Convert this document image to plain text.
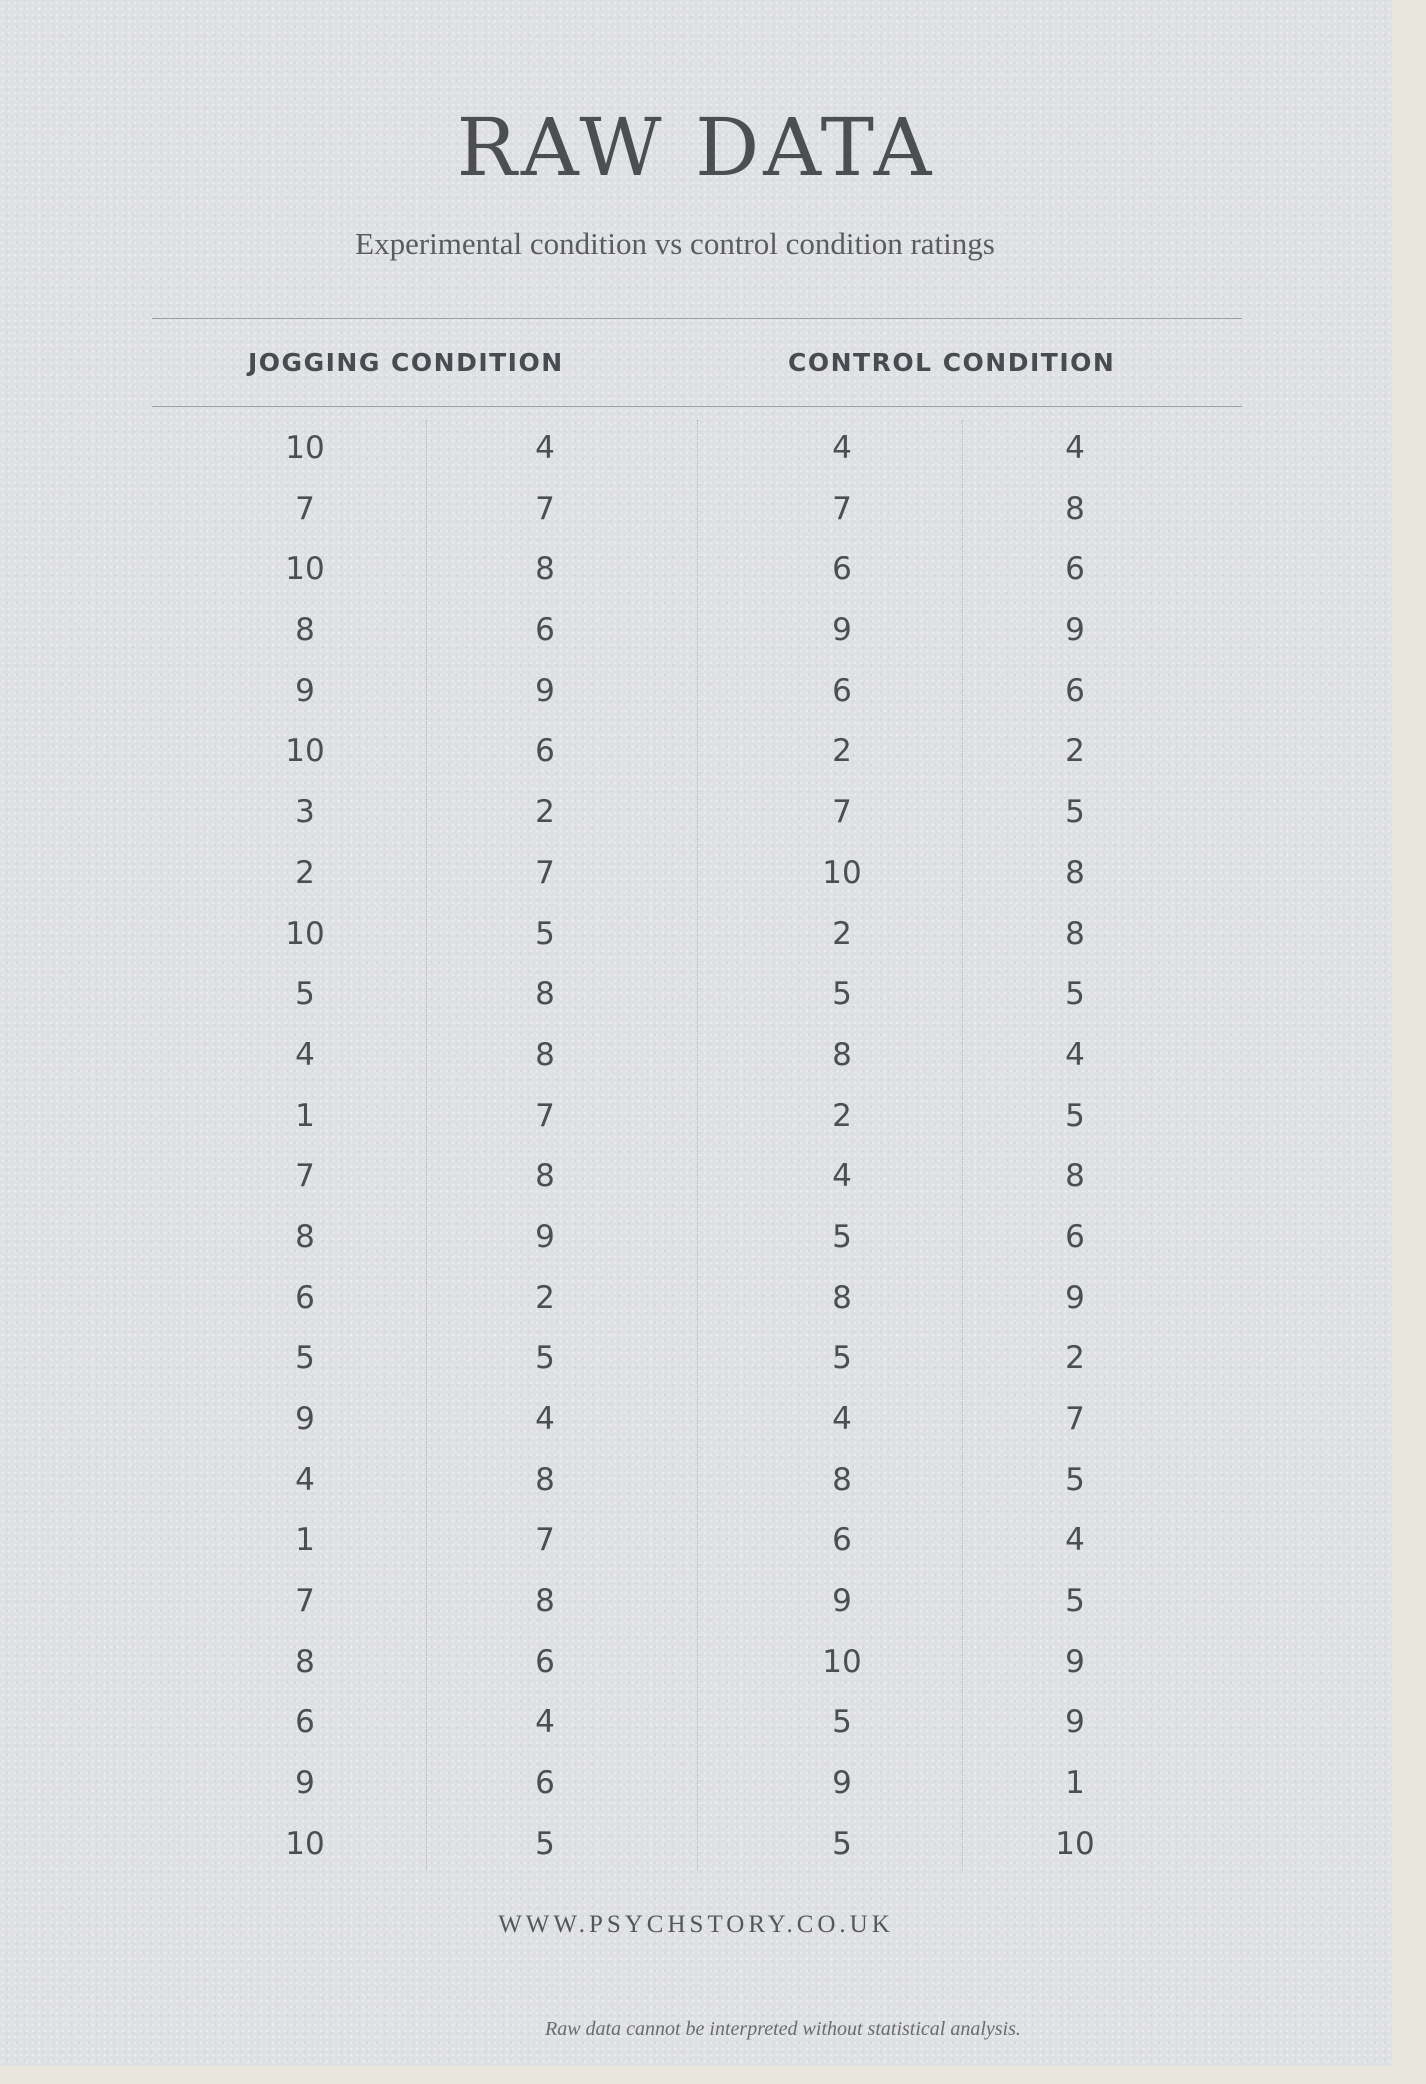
RAW DATA
Experimental condition vs control condition ratings
JOGGING CONDITION	CONTROL CONDITION
10	4	4	4
7	7	7	8
10	8	6	6
8	6	9	9
9	9	6	6
10	6	2	2
3	2	7	5
2	7	10	8
10	5	2	8
5	8	5	5
4	8	8	4
1	7	2	5
7	8	4	8
8	9	5	6
6	2	8	9
5	5	5	2
9	4	4	7
4	8	8	5
1	7	6	4
7	8	9	5
8	6	10	9
6	4	5	9
9	6	9	1
10	5	5	10
WWW.PSYCHSTORY.CO.UK
Raw data cannot be interpreted without statistical analysis.
